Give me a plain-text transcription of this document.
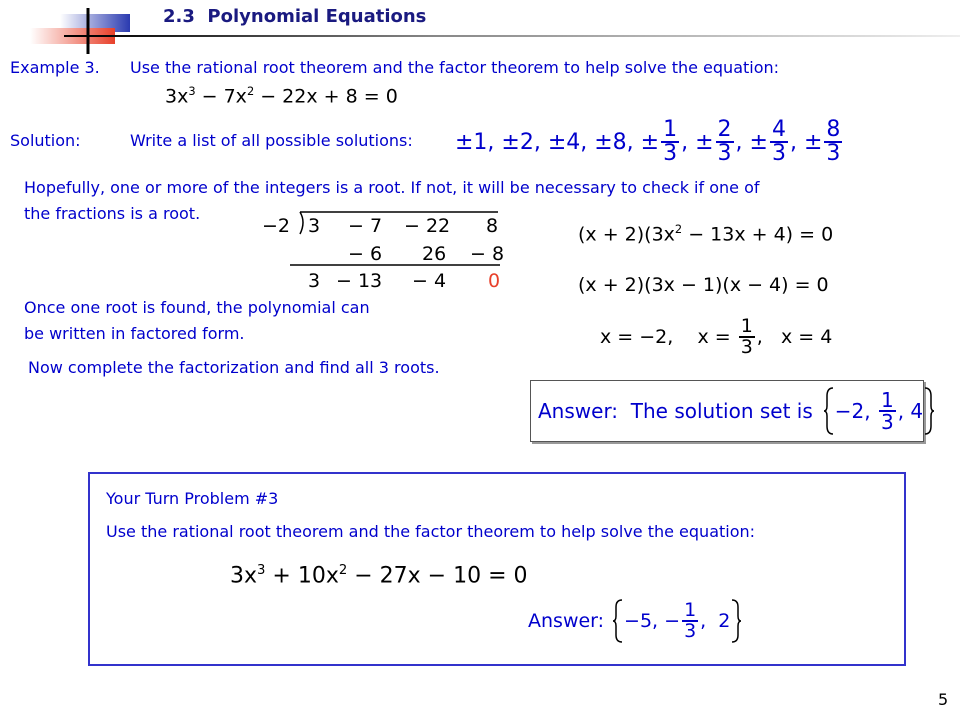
2.3  Polynomial Equations
Example 3. Use the rational root theorem and the factor theorem to help solve the equation:
$3x^3 - 7x^2 - 22x + 8 = 0$
Solution:	Write a list of all possible solutions: ±1, ±2, ±4, ±8, ± $\frac{1}{3}$ , ± $\frac{2}{3}$ , ± $\frac{4}{3}$ , ± $\frac{8}{3}$
Hopefully, one or more of the integers is a root. If not, it will be necessary to check if one of
the fractions is a root.
−2 3 − 7 − 22 8
− 6 26 − 8
3 − 13 − 4 0
$(x + 2)(3x^2 - 13x + 4) = 0$
(x + 2)(3x − 1)(x − 4) = 0
x = −2,    $x = \frac{1}{3}$ ,   x = 4
Once one root is found, the polynomial can
be written in factored form.
Now complete the factorization and find all 3 roots.
Answer:  The solution set is −2, $\frac{1}{3}$ , 4
Your Turn Problem #3
Use the rational root theorem and the factor theorem to help solve the equation:
$3x^3 + 10x^2 - 27x - 10 = 0$
Answer: −5, − $\frac{1}{3}$ ,  2
5
